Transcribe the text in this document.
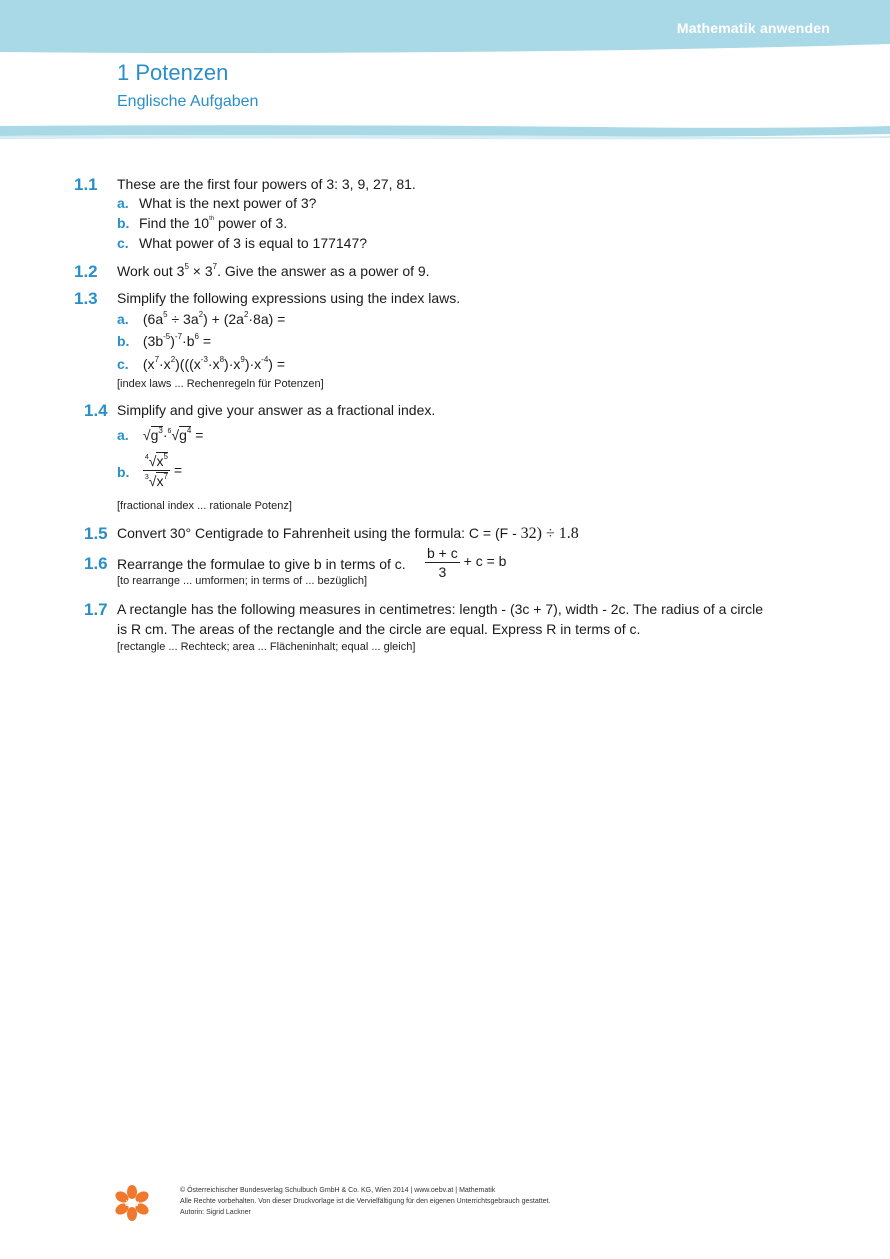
Mathematik anwenden
1 Potenzen
Englische Aufgaben
1.1 These are the first four powers of 3: 3, 9, 27, 81.
a. What is the next power of 3?
b. Find the 10th power of 3.
c. What power of 3 is equal to 177147?
1.2 Work out $3^5 \times 3^7$. Give the answer as a power of 9.
1.3 Simplify the following expressions using the index laws.
a. $(6a^5 \div 3a^2) + (2a^2\cdot 8a)$ =
b. $(3b^{-5})^{-7}\cdot b^6$ =
c. $(x^7\cdot x^2)(((x^{-3}\cdot x^8)\cdot x^9)\cdot x^{-4})$ =
[index laws ... Rechenregeln für Potenzen]
1.4 Simplify and give your answer as a fractional index.
a. $√g^3\cdot^6√g^4$ =
b. $\frac{^4√x^5}{^3√x^7}$ =
[fractional index ... rationale Potenz]
1.5 Convert 30° Centigrade to Fahrenheit using the formula: C = (F - 32) ÷ 1.8
1.6 Rearrange the formulae to give b in terms of c. $\frac{b + c}{3} + c = b$
[to rearrange ... umformen; in terms of ... bezüglich]
1.7 A rectangle has the following measures in centimetres: length - (3c + 7), width - 2c. The radius of a circle
is R cm. The areas of the rectangle and the circle are equal. Express R in terms of c.
[rectangle ... Rechteck; area ... Flächeninhalt; equal ... gleich]
öbv
© Österreichischer Bundesverlag Schulbuch GmbH & Co. KG, Wien 2014 | www.oebv.at | Mathematik
Alle Rechte vorbehalten. Von dieser Druckvorlage ist die Vervielfältigung für den eigenen Unterrichtsgebrauch gestattet.
Autorin: Sigrid Lackner
